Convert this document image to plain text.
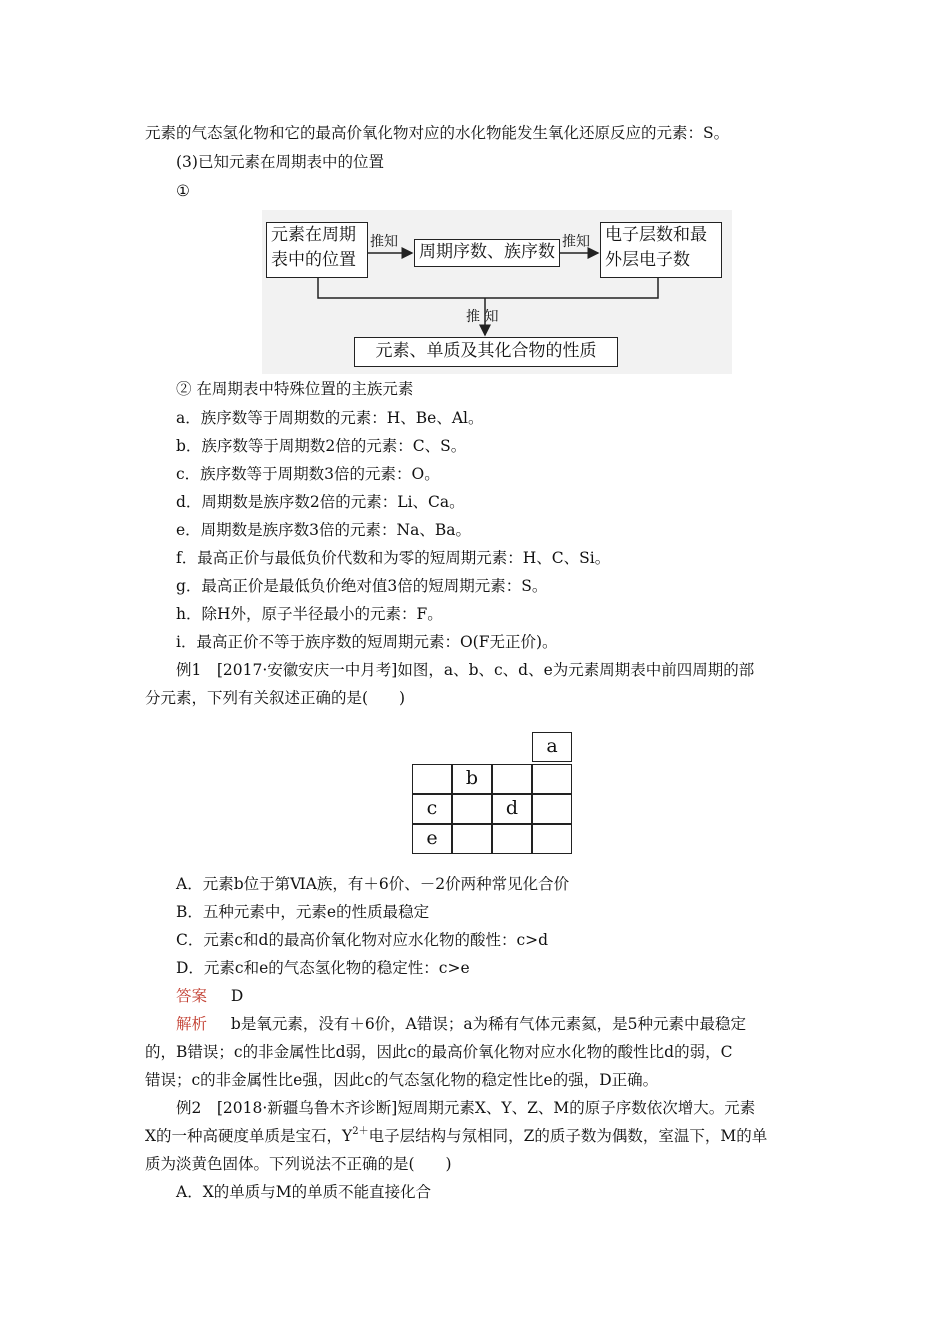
元素的气态氢化物和它的最高价氧化物对应的水化物能发生氧化还原反应的元素：S。
(3)已知元素在周期表中的位置
①
元素在周期
表中的位置
推知 周期序数、族序数 推知 电子层数和最
外层电子数
推 知
元素、单质及其化合物的性质
② 在周期表中特殊位置的主族元素
a．族序数等于周期数的元素：H、Be、Al。
b．族序数等于周期数2倍的元素：C、S。
c．族序数等于周期数3倍的元素：O。
d．周期数是族序数2倍的元素：Li、Ca。
e．周期数是族序数3倍的元素：Na、Ba。
f．最高正价与最低负价代数和为零的短周期元素：H、C、Si。
g．最高正价是最低负价绝对值3倍的短周期元素：S。
h．除H外，原子半径最小的元素：F。
i．最高正价不等于族序数的短周期元素：O(F无正价)。
例1　[2017·安徽安庆一中月考]如图，a、b、c、d、e为元素周期表中前四周期的部
分元素，下列有关叙述正确的是(　　)
a
b
c	d
e
A．元素b位于第ⅥA族，有＋6价、－2价两种常见化合价
B．五种元素中，元素e的性质最稳定
C．元素c和d的最高价氧化物对应水化物的酸性：c>d
D．元素c和e的气态氢化物的稳定性：c>e
答案 D
解析 b是氧元素，没有＋6价，A错误；a为稀有气体元素氦，是5种元素中最稳定
的，B错误；c的非金属性比d弱，因此c的最高价氧化物对应水化物的酸性比d的弱，C
错误；c的非金属性比e强，因此c的气态氢化物的稳定性比e的强，D正确。
例2　[2018·新疆乌鲁木齐诊断]短周期元素X、Y、Z、M的原子序数依次增大。元素
X的一种高硬度单质是宝石，$Y^{2+}$电子层结构与氖相同，Z的质子数为偶数，室温下，M的单
质为淡黄色固体。下列说法不正确的是(　　)
A．X的单质与M的单质不能直接化合
